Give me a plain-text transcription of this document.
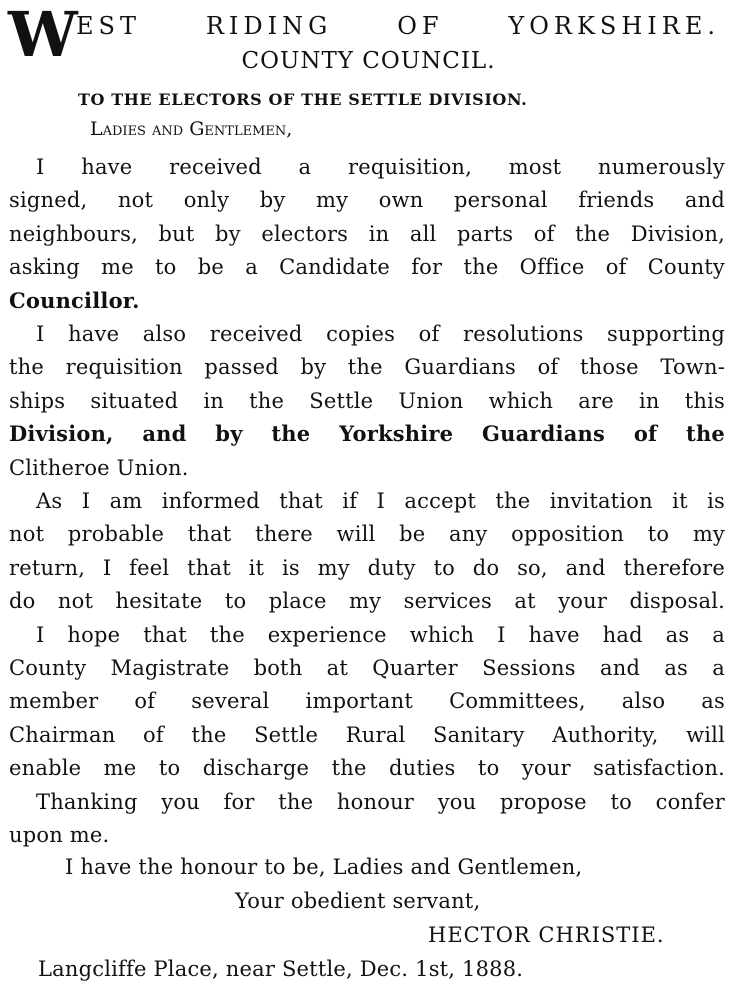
W
EST RIDING OF YORKSHIRE.
COUNTY COUNCIL.
TO THE ELECTORS OF THE SETTLE DIVISION.
Ladies and Gentlemen,
I have received a requisition, most numerously
signed, not only by my own personal friends and
neighbours, but by electors in all parts of the Division,
asking me to be a Candidate for the Office of County
Councillor.
I have also received copies of resolutions supporting
the requisition passed by the Guardians of those Town-
ships situated in the Settle Union which are in this
Division, and by the Yorkshire Guardians of the
Clitheroe Union.
As I am informed that if I accept the invitation it is
not probable that there will be any opposition to my
return, I feel that it is my duty to do so, and therefore
do not hesitate to place my services at your disposal.
I hope that the experience which I have had as a
County Magistrate both at Quarter Sessions and as a
member of several important Committees, also as
Chairman of the Settle Rural Sanitary Authority, will
enable me to discharge the duties to your satisfaction.
Thanking you for the honour you propose to confer
upon me.
I have the honour to be, Ladies and Gentlemen,
Your obedient servant,
HECTOR CHRISTIE.
Langcliffe Place, near Settle, Dec. 1st, 1888.
